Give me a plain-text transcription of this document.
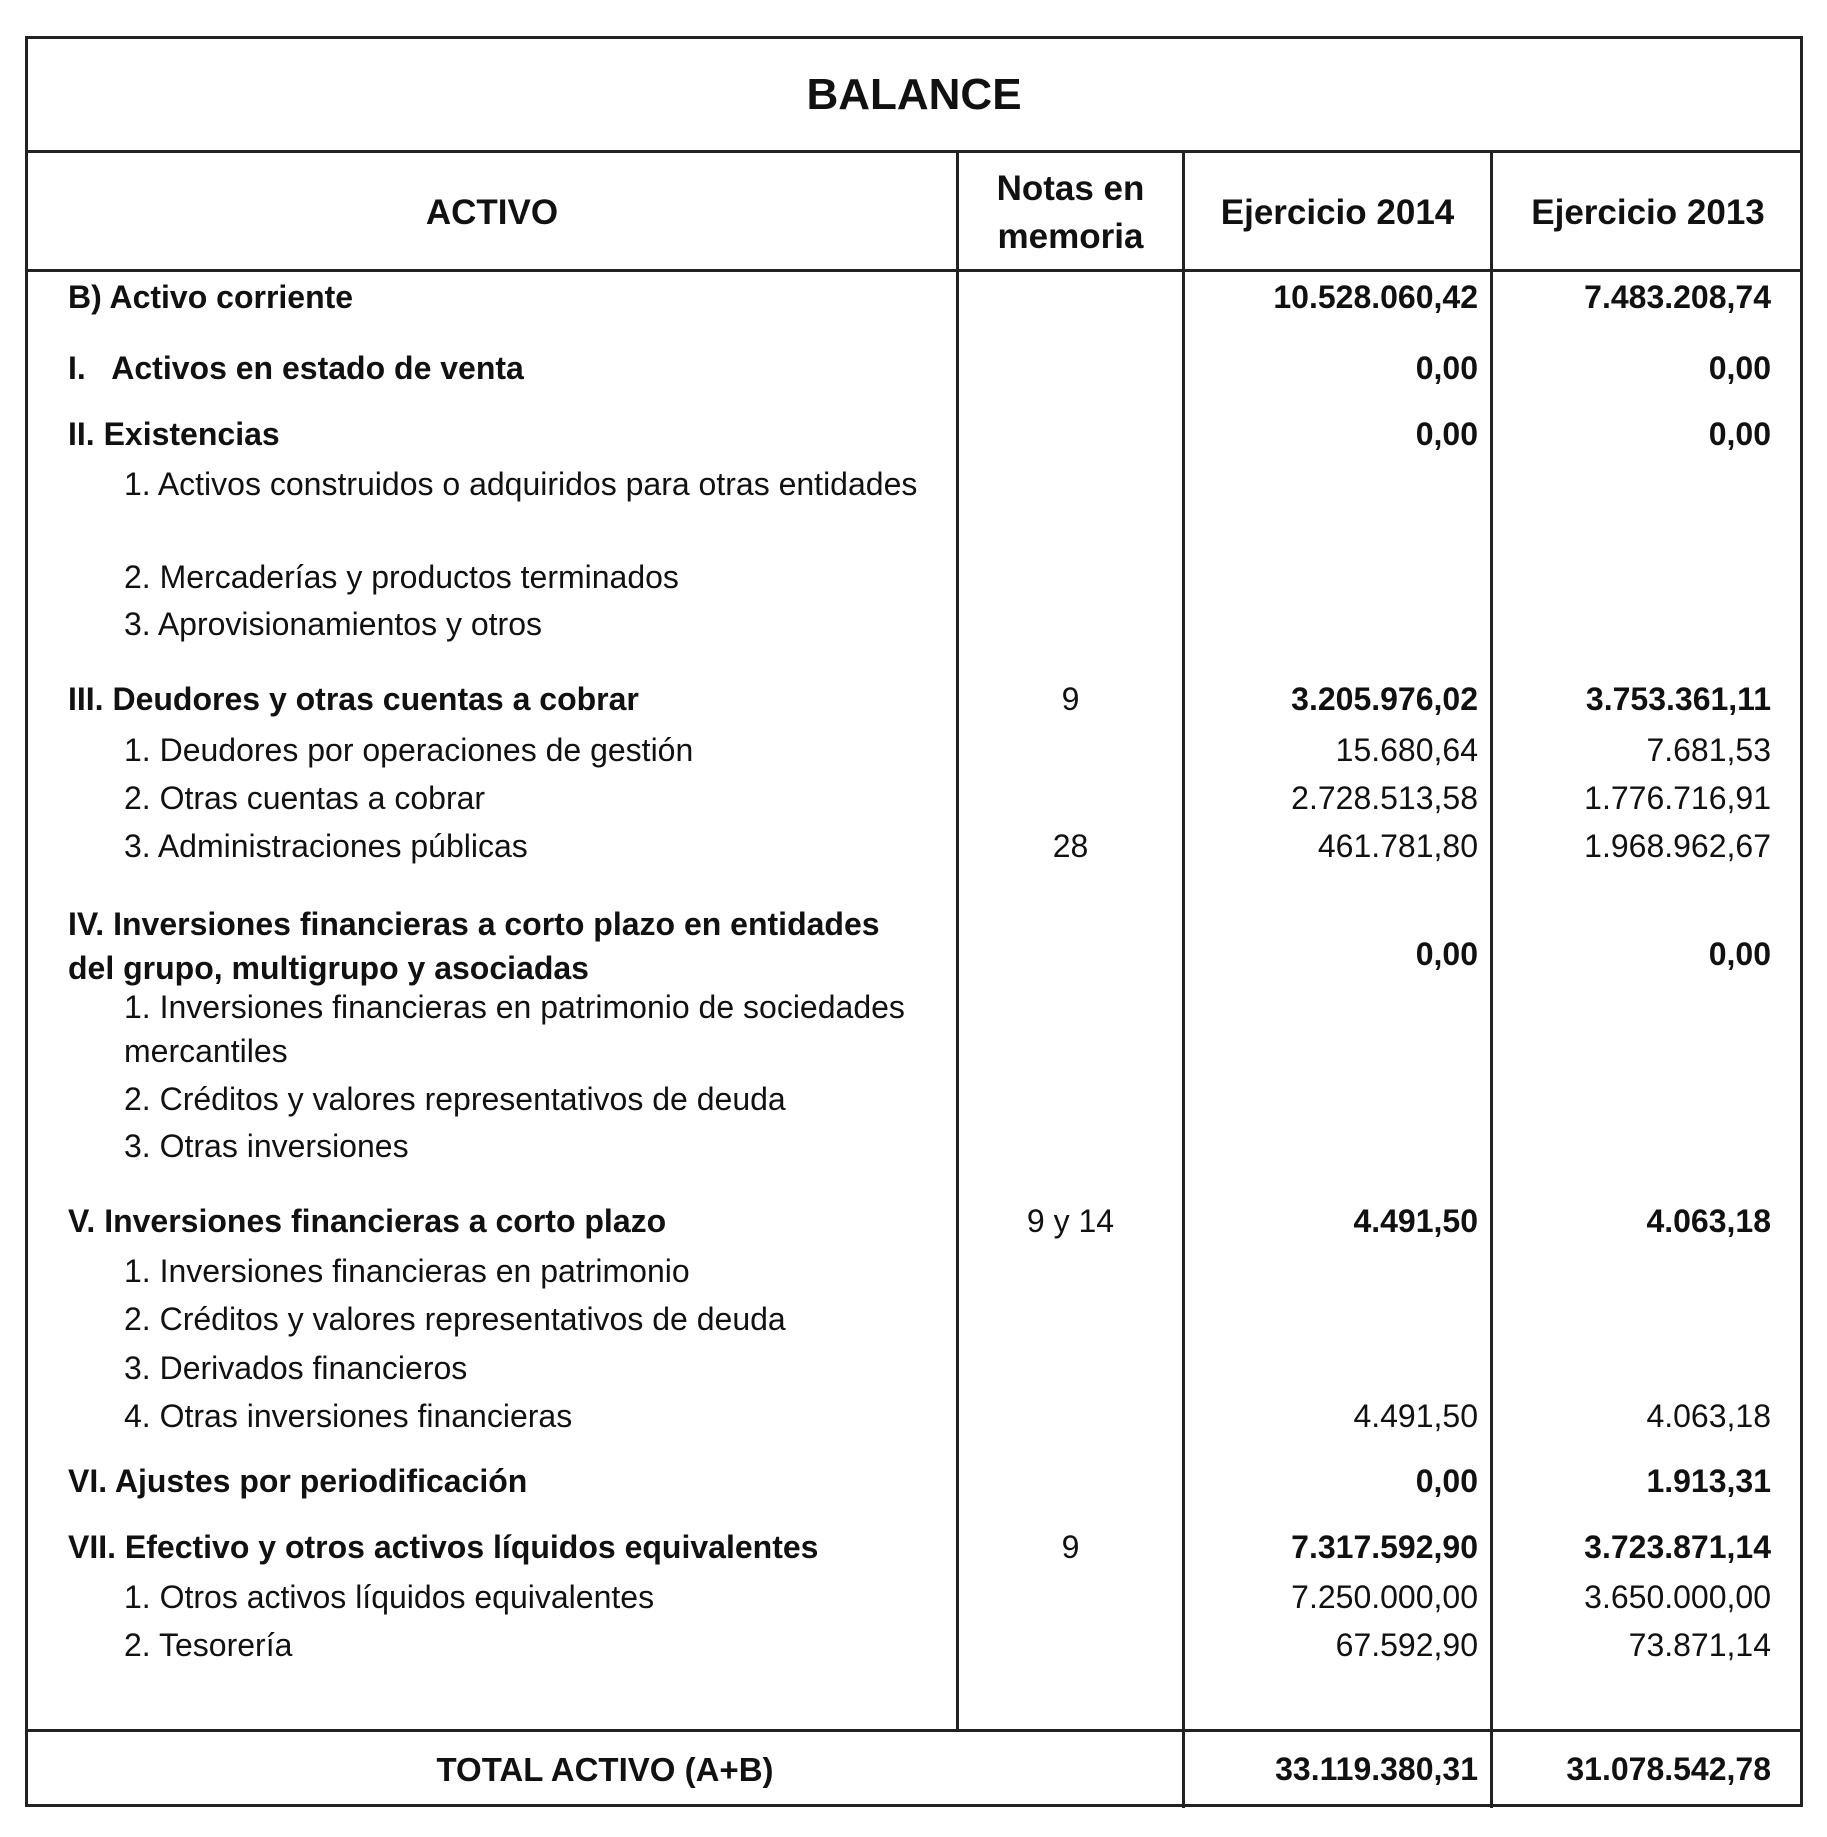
BALANCE
ACTIVO
Notas en memoria
Ejercicio 2014	Ejercicio 2013
B) Activo corriente	10.528.060,42	7.483.208,74
I.   Activos en estado de venta	0,00	0,00
II. Existencias	0,00	0,00
1. Activos construidos o adquiridos para otras entidades
2. Mercaderías y productos terminados
3. Aprovisionamientos y otros
III. Deudores y otras cuentas a cobrar	9	3.205.976,02	3.753.361,11
1. Deudores por operaciones de gestión	15.680,64	7.681,53
2. Otras cuentas a cobrar	2.728.513,58	1.776.716,91
3. Administraciones públicas	28	461.781,80	1.968.962,67
IV. Inversiones financieras a corto plazo en entidades del grupo, multigrupo y asociadas	0,00	0,00
1. Inversiones financieras en patrimonio de sociedades mercantiles
2. Créditos y valores representativos de deuda
3. Otras inversiones
V. Inversiones financieras a corto plazo	9 y 14	4.491,50	4.063,18
1. Inversiones financieras en patrimonio
2. Créditos y valores representativos de deuda
3. Derivados financieros
4. Otras inversiones financieras	4.491,50	4.063,18
VI. Ajustes por periodificación	0,00	1.913,31
VII. Efectivo y otros activos líquidos equivalentes	9	7.317.592,90	3.723.871,14
1. Otros activos líquidos equivalentes	7.250.000,00	3.650.000,00
2. Tesorería	67.592,90	73.871,14
TOTAL ACTIVO (A+B)	33.119.380,31	31.078.542,78
